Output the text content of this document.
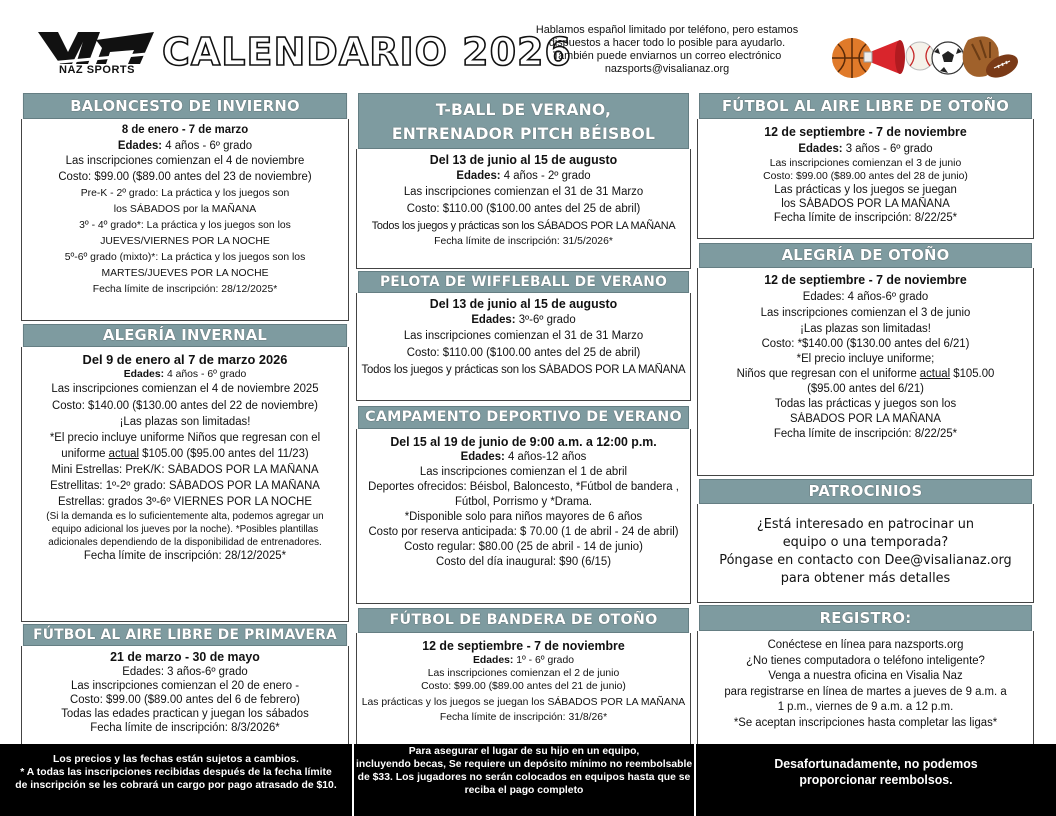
NAZ SPORTS CALENDARIO 2026
Hablamos español limitado por teléfono, pero estamos
dispuestos a hacer todo lo posible para ayudarlo.
También puede enviarnos un correo electrónico
nazsports@visalianaz.org
BALONCESTO DE INVIERNO
8 de enero - 7 de marzo
Edades: 4 años - 6º grado
Las inscripciones comienzan el 4 de noviembre
Costo: $99.00 ($89.00 antes del 23 de noviembre)
Pre-K - 2º grado: La práctica y los juegos son
los SÁBADOS por la MAÑANA
3º - 4º grado*: La práctica y los juegos son los
JUEVES/VIERNES POR LA NOCHE
5º-6º grado (mixto)*: La práctica y los juegos son los
MARTES/JUEVES POR LA NOCHE
Fecha límite de inscripción: 28/12/2025*
ALEGRÍA INVERNAL
Del 9 de enero al 7 de marzo 2026
Edades: 4 años - 6º grado
Las inscripciones comienzan el 4 de noviembre 2025
Costo: $140.00 ($130.00 antes del 22 de noviembre)
¡Las plazas son limitadas!
*El precio incluye uniforme Niños que regresan con el
uniforme actual $105.00 ($95.00 antes del 11/23)
Mini Estrellas: PreK/K: SÁBADOS POR LA MAÑANA
Estrellitas: 1º-2º grado: SÁBADOS POR LA MAÑANA
Estrellas: grados 3º-6º VIERNES POR LA NOCHE
(Si la demanda es lo suficientemente alta, podemos agregar un
equipo adicional los jueves por la noche). *Posibles plantillas
adicionales dependiendo de la disponibilidad de entrenadores.
Fecha límite de inscripción: 28/12/2025*
FÚTBOL AL AIRE LIBRE DE PRIMAVERA
21 de marzo - 30 de mayo
Edades: 3 años-6º grado
Las inscripciones comienzan el 20 de enero -
Costo: $99.00 ($89.00 antes del 6 de febrero)
Todas las edades practican y juegan los sábados
Fecha límite de inscripción: 8/3/2026*
T-BALL DE VERANO,
ENTRENADOR PITCH BÉISBOL
Del 13 de junio al 15 de augusto
Edades: 4 años - 2º grado
Las inscripciones comienzan el 31 de 31 Marzo
Costo: $110.00 ($100.00 antes del 25 de abril)
Todos los juegos y prácticas son los SÁBADOS POR LA MAÑANA
Fecha límite de inscripción: 31/5/2026*
PELOTA DE WIFFLEBALL DE VERANO
Del 13 de junio al 15 de augusto
Edades: 3º-6º grado
Las inscripciones comienzan el 31 de 31 Marzo
Costo: $110.00 ($100.00 antes del 25 de abril)
Todos los juegos y prácticas son los SÁBADOS POR LA MAÑANA
CAMPAMENTO DEPORTIVO DE VERANO
Del 15 al 19 de junio de 9:00 a.m. a 12:00 p.m.
Edades: 4 años-12 años
Las inscripciones comienzan el 1 de abril
Deportes ofrecidos: Béisbol, Baloncesto, *Fútbol de bandera ,
Fútbol, Porrismo y *Drama.
*Disponible solo para niños mayores de 6 años
Costo por reserva anticipada: $ 70.00 (1 de abril - 24 de abril)
Costo regular: $80.00 (25 de abril - 14 de junio)
Costo del día inaugural: $90 (6/15)
FÚTBOL DE BANDERA DE OTOÑO
12 de septiembre - 7 de noviembre
Edades: 1º - 6º grado
Las inscripciones comienzan el 2 de junio
Costo: $99.00 ($89.00 antes del 21 de junio)
Las prácticas y los juegos se juegan los SÁBADOS POR LA MAÑANA
Fecha límite de inscripción: 31/8/26*
FÚTBOL AL AIRE LIBRE DE OTOÑO
12 de septiembre - 7 de noviembre
Edades: 3 años - 6º grado
Las inscripciones comienzan el 3 de junio
Costo: $99.00 ($89.00 antes del 28 de junio)
Las prácticas y los juegos se juegan
los SÁBADOS POR LA MAÑANA
Fecha límite de inscripción: 8/22/25*
ALEGRÍA DE OTOÑO
12 de septiembre - 7 de noviembre
Edades: 4 años-6º grado
Las inscripciones comienzan el 3 de junio
¡Las plazas son limitadas!
Costo: *$140.00 ($130.00 antes del 6/21)
*El precio incluye uniforme;
Niños que regresan con el uniforme actual $105.00
($95.00 antes del 6/21)
Todas las prácticas y juegos son los
SÁBADOS POR LA MAÑANA
Fecha límite de inscripción: 8/22/25*
PATROCINIOS
¿Está interesado en patrocinar un
equipo o una temporada?
Póngase en contacto con Dee@visalianaz.org
para obtener más detalles
REGISTRO:
Conéctese en línea para nazsports.org
¿No tienes computadora o teléfono inteligente?
Venga a nuestra oficina en Visalia Naz
para registrarse en línea de martes a jueves de 9 a.m. a
1 p.m., viernes de 9 a.m. a 12 p.m.
*Se aceptan inscripciones hasta completar las ligas*
Los precios y las fechas están sujetos a cambios.
* A todas las inscripciones recibidas después de la fecha límite
de inscripción se les cobrará un cargo por pago atrasado de $10.
Para asegurar el lugar de su hijo en un equipo,
incluyendo becas, Se requiere un depósito mínimo no reembolsable
de $33. Los jugadores no serán colocados en equipos hasta que se
reciba el pago completo
Desafortunadamente, no podemos
proporcionar reembolsos.
